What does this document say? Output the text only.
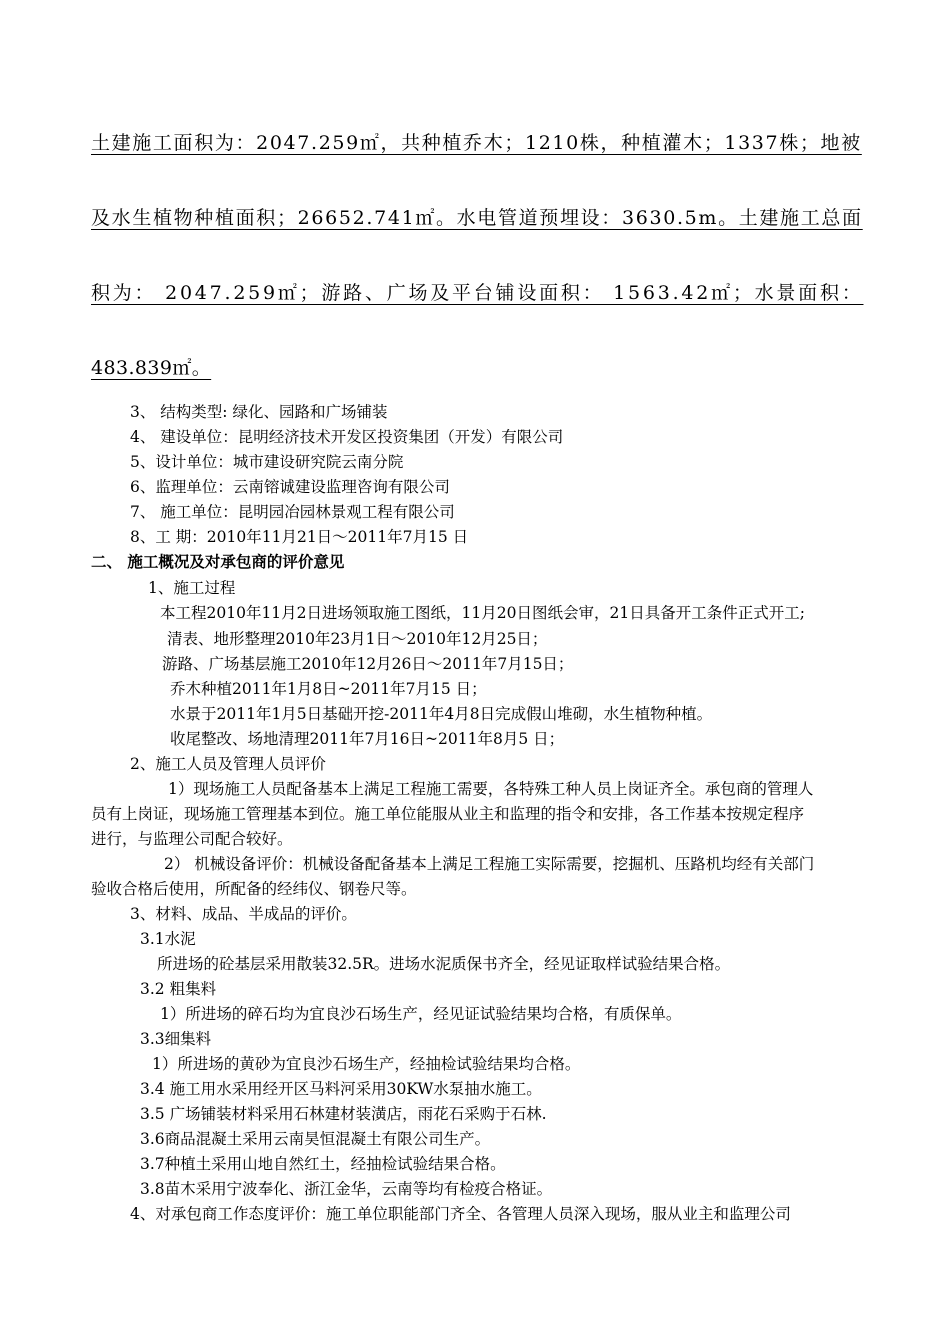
土建施工面积为：2047.259㎡，共种植乔木；1210株，种植灌木；1337株；地被
及水生植物种植面积；26652.741㎡。水电管道预埋设：3630.5m。土建施工总面
积为： 2047.259㎡；游路、广场及平台铺设面积： 1563.42㎡；水景面积：
483.839㎡。
3、 结构类型: 绿化、园路和广场铺装
4、 建设单位：昆明经济技术开发区投资集团（开发）有限公司
5、设计单位：城市建设研究院云南分院
6、监理单位：云南镕诚建设监理咨询有限公司
7、 施工单位：昆明园冶园林景观工程有限公司
8、工 期：2010年11月21日～2011年7月15 日
二、 施工概况及对承包商的评价意见
1、施工过程
本工程2010年11月2日进场领取施工图纸，11月20日图纸会审，21日具备开工条件正式开工;
清表、地形整理2010年23月1日～2010年12月25日；
游路、广场基层施工2010年12月26日～2011年7月15日；
乔木种植2011年1月8日~2011年7月15 日；
水景于2011年1月5日基础开挖-2011年4月8日完成假山堆砌，水生植物种植。
收尾整改、场地清理2011年7月16日~2011年8月5 日；
2、施工人员及管理人员评价
1）现场施工人员配备基本上满足工程施工需要，各特殊工种人员上岗证齐全。承包商的管理人
员有上岗证，现场施工管理基本到位。施工单位能服从业主和监理的指令和安排，各工作基本按规定程序
进行，与监理公司配合较好。
2） 机械设备评价：机械设备配备基本上满足工程施工实际需要，挖掘机、压路机均经有关部门
验收合格后使用，所配备的经纬仪、钢卷尺等。
3、材料、成品、半成品的评价。
3.1水泥
所进场的砼基层采用散装32.5R。进场水泥质保书齐全，经见证取样试验结果合格。
3.2 粗集料
1）所进场的碎石均为宜良沙石场生产，经见证试验结果均合格，有质保单。
3.3细集料
1）所进场的黄砂为宜良沙石场生产，经抽检试验结果均合格。
3.4 施工用水采用经开区马料河采用30KW水泵抽水施工。
3.5 广场铺装材料采用石林建材装潢店，雨花石采购于石林.
3.6商品混凝土采用云南昊恒混凝土有限公司生产。
3.7种植土采用山地自然红土，经抽检试验结果合格。
3.8苗木采用宁波奉化、浙江金华，云南等均有检疫合格证。
4、对承包商工作态度评价：施工单位职能部门齐全、各管理人员深入现场，服从业主和监理公司
